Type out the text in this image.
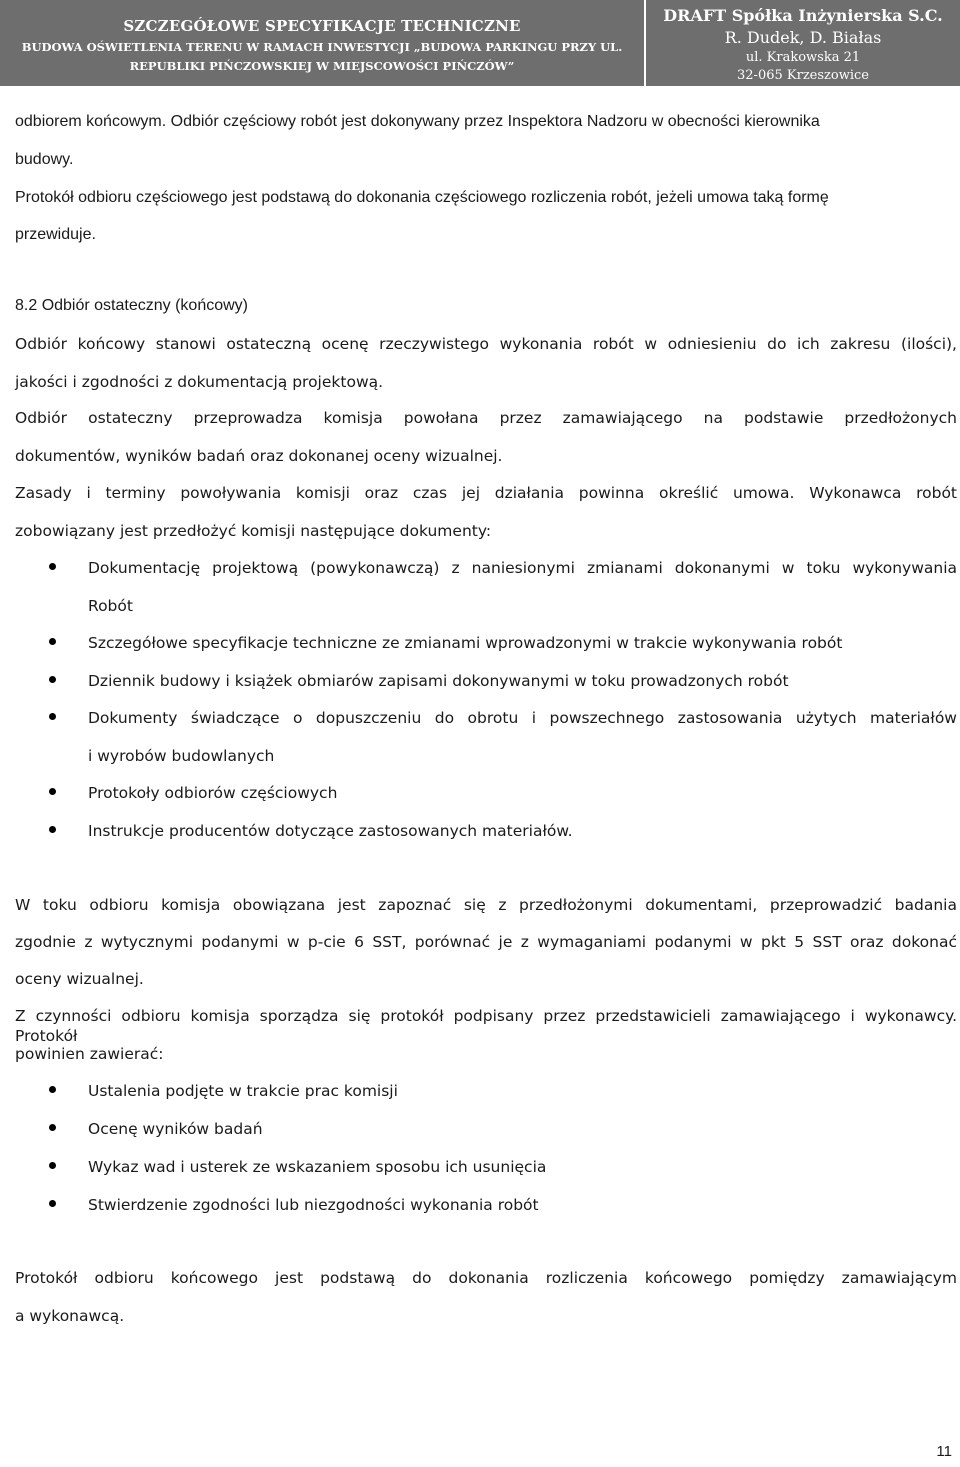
SZCZEGÓŁOWE SPECYFIKACJE TECHNICZNE
BUDOWA OŚWIETLENIA TERENU W RAMACH INWESTYCJI „BUDOWA PARKINGU PRZY UL.
REPUBLIKI PIŃCZOWSKIEJ W MIEJSCOWOŚCI PIŃCZÓW”
DRAFT Spółka Inżynierska S.C.
R. Dudek, D. Białas
ul. Krakowska 21
32-065 Krzeszowice
odbiorem końcowym. Odbiór częściowy robót jest dokonywany przez Inspektora Nadzoru w obecności kierownika
budowy.
Protokół odbioru częściowego jest podstawą do dokonania częściowego rozliczenia robót, jeżeli umowa taką formę
przewiduje.
8.2 Odbiór ostateczny (końcowy)
Odbiór końcowy stanowi ostateczną ocenę rzeczywistego wykonania robót w odniesieniu do ich zakresu (ilości),
jakości i zgodności z dokumentacją projektową.
Odbiór ostateczny przeprowadza komisja powołana przez zamawiającego na podstawie przedłożonych
dokumentów, wyników badań oraz dokonanej oceny wizualnej.
Zasady i terminy powoływania komisji oraz czas jej działania powinna określić umowa. Wykonawca robót
zobowiązany jest przedłożyć komisji następujące dokumenty:
Dokumentację projektową (powykonawczą) z naniesionymi zmianami dokonanymi w toku wykonywania
Robót
Szczegółowe specyfikacje techniczne ze zmianami wprowadzonymi w trakcie wykonywania robót
Dziennik budowy i książek obmiarów zapisami dokonywanymi w toku prowadzonych robót
Dokumenty świadczące o dopuszczeniu do obrotu i powszechnego zastosowania użytych materiałów
i wyrobów budowlanych
Protokoły odbiorów częściowych
Instrukcje producentów dotyczące zastosowanych materiałów.
W toku odbioru komisja obowiązana jest zapoznać się z przedłożonymi dokumentami, przeprowadzić badania
zgodnie z wytycznymi podanymi w p-cie 6 SST, porównać je z wymaganiami podanymi w pkt 5 SST oraz dokonać
oceny wizualnej.
Z czynności odbioru komisja sporządza się protokół podpisany przez przedstawicieli zamawiającego i wykonawcy. Protokół
powinien zawierać:
Ustalenia podjęte w trakcie prac komisji
Ocenę wyników badań
Wykaz wad i usterek ze wskazaniem sposobu ich usunięcia
Stwierdzenie zgodności lub niezgodności wykonania robót
Protokół odbioru końcowego jest podstawą do dokonania rozliczenia końcowego pomiędzy zamawiającym
a wykonawcą.
11
